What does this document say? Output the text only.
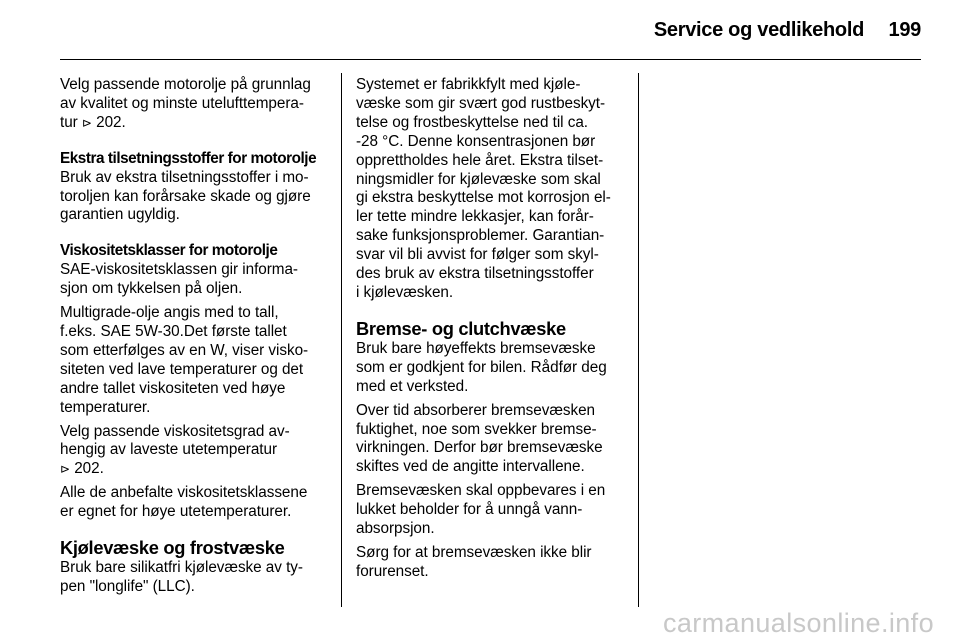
Service og vedlikehold 199

Velg passende motorolje på grunnlag

av kvalitet og minste utelufttempera-

tur ⊳ 202.

Ekstra tilsetningsstoffer for motorolje

Bruk av ekstra tilsetningsstoffer i mo-

toroljen kan forårsake skade og gjøre

garantien ugyldig.

Viskositetsklasser for motorolje

SAE-viskositetsklassen gir informa-

sjon om tykkelsen på oljen.

Multigrade-olje angis med to tall,

f.eks. SAE 5W-30.Det første tallet

som etterfølges av en W, viser visko-

siteten ved lave temperaturer og det

andre tallet viskositeten ved høye

temperaturer.

Velg passende viskositetsgrad av-

hengig av laveste utetemperatur

⊳ 202.

Alle de anbefalte viskositetsklassene

er egnet for høye utetemperaturer.

Kjølevæske og frostvæske

Bruk bare silikatfri kjølevæske av ty-

pen "longlife" (LLC).

Systemet er fabrikkfylt med kjøle-

væske som gir svært god rustbeskyt-

telse og frostbeskyttelse ned til ca.

-28 °C. Denne konsentrasjonen bør

opprettholdes hele året. Ekstra tilset-

ningsmidler for kjølevæske som skal

gi ekstra beskyttelse mot korrosjon el-

ler tette mindre lekkasjer, kan forår-

sake funksjonsproblemer. Garantian-

svar vil bli avvist for følger som skyl-

des bruk av ekstra tilsetningsstoffer

i kjølevæsken.

Bremse- og clutchvæske

Bruk bare høyeffekts bremsevæske

som er godkjent for bilen. Rådfør deg

med et verksted.

Over tid absorberer bremsevæsken

fuktighet, noe som svekker bremse-

virkningen. Derfor bør bremsevæske

skiftes ved de angitte intervallene.

Bremsevæsken skal oppbevares i en

lukket beholder for å unngå vann-

absorpsjon.

Sørg for at bremsevæsken ikke blir

forurenset.

carmanualsonline.info
